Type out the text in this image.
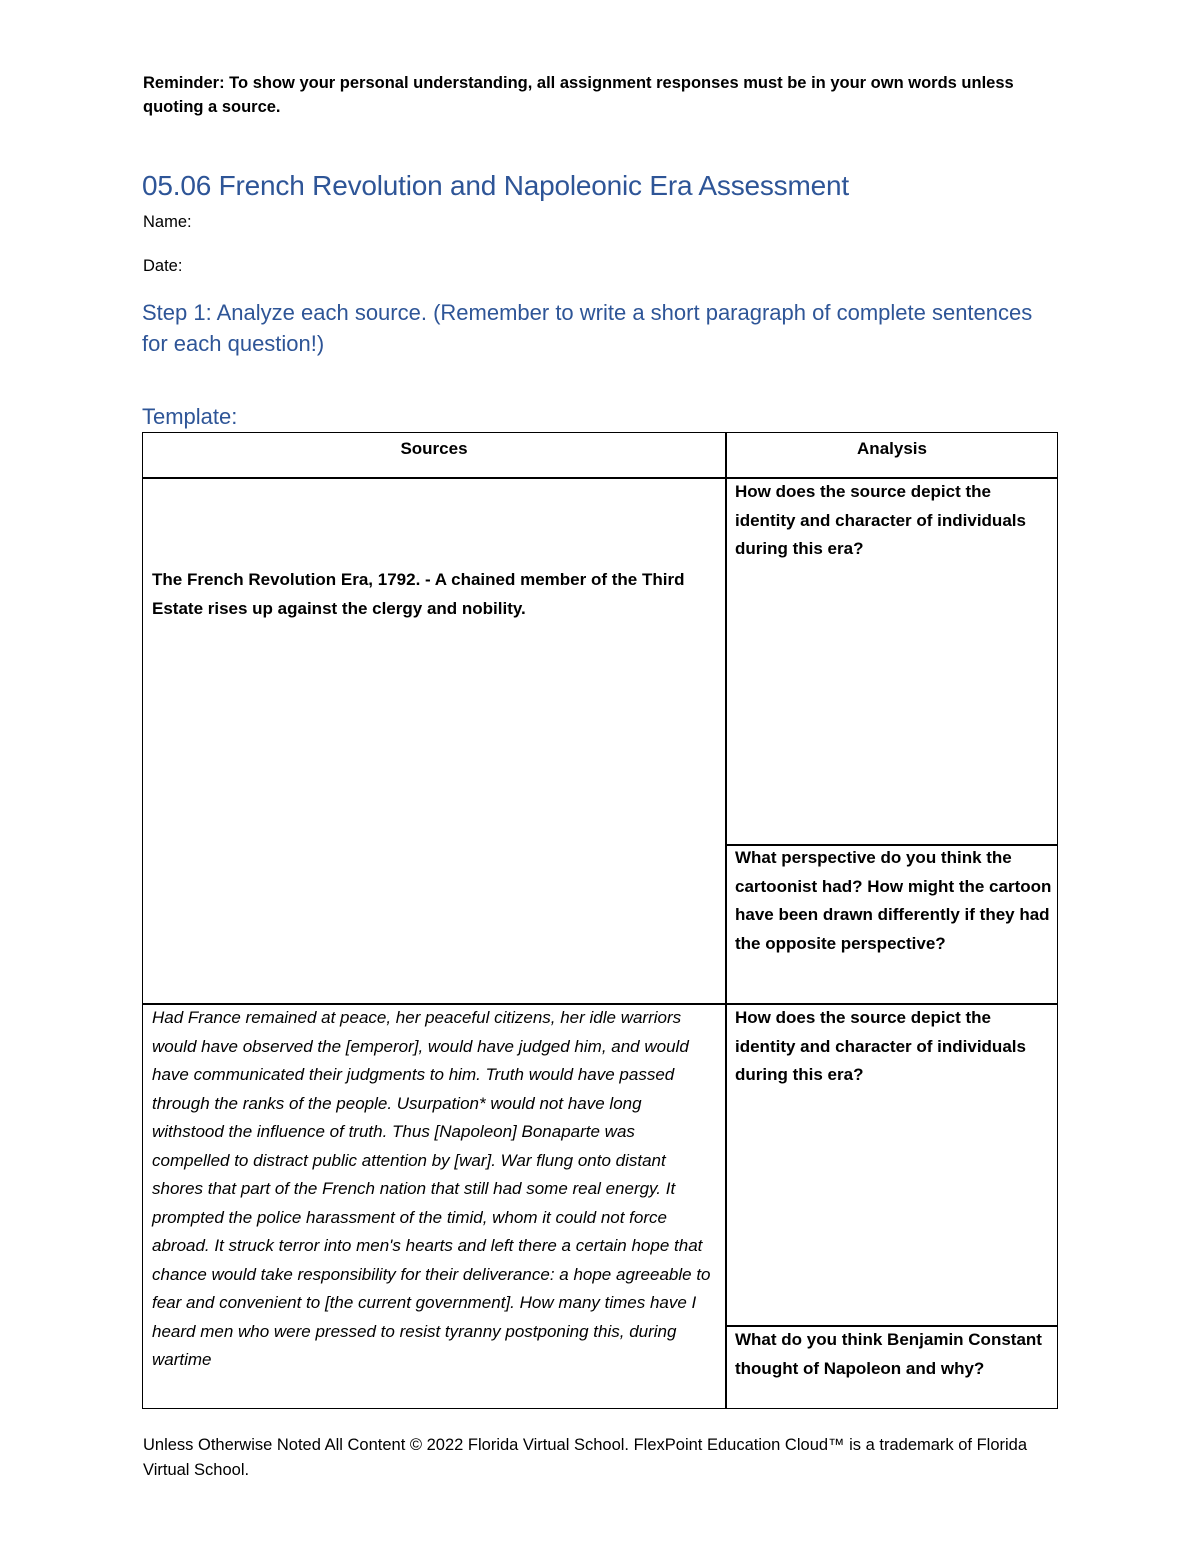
Reminder: To show your personal understanding, all assignment responses must be in your own words unless quoting a source.
05.06 French Revolution and Napoleonic Era Assessment
Name:
Date:
Step 1: Analyze each source. (Remember to write a short paragraph of complete sentences for each question!)
Template:
Sources	Analysis
The French Revolution Era, 1792. - A chained member of the Third Estate rises up against the clergy and nobility.
How does the source depict the identity and character of individuals during this era?
What perspective do you think the cartoonist had? How might the cartoon have been drawn differently if they had the opposite perspective?
Had France remained at peace, her peaceful citizens, her idle warriors would have observed the [emperor], would have judged him, and would have communicated their judgments to him. Truth would have passed through the ranks of the people. Usurpation* would not have long withstood the influence of truth. Thus [Napoleon] Bonaparte was compelled to distract public attention by [war]. War flung onto distant shores that part of the French nation that still had some real energy. It prompted the police harassment of the timid, whom it could not force abroad. It struck terror into men's hearts and left there a certain hope that chance would take responsibility for their deliverance: a hope agreeable to fear and convenient to [the current government]. How many times have I heard men who were pressed to resist tyranny postponing this, during wartime
How does the source depict the identity and character of individuals during this era?
What do you think Benjamin Constant thought of Napoleon and why?
Unless Otherwise Noted All Content © 2022 Florida Virtual School. FlexPoint Education Cloud™ is a trademark of Florida Virtual School.
